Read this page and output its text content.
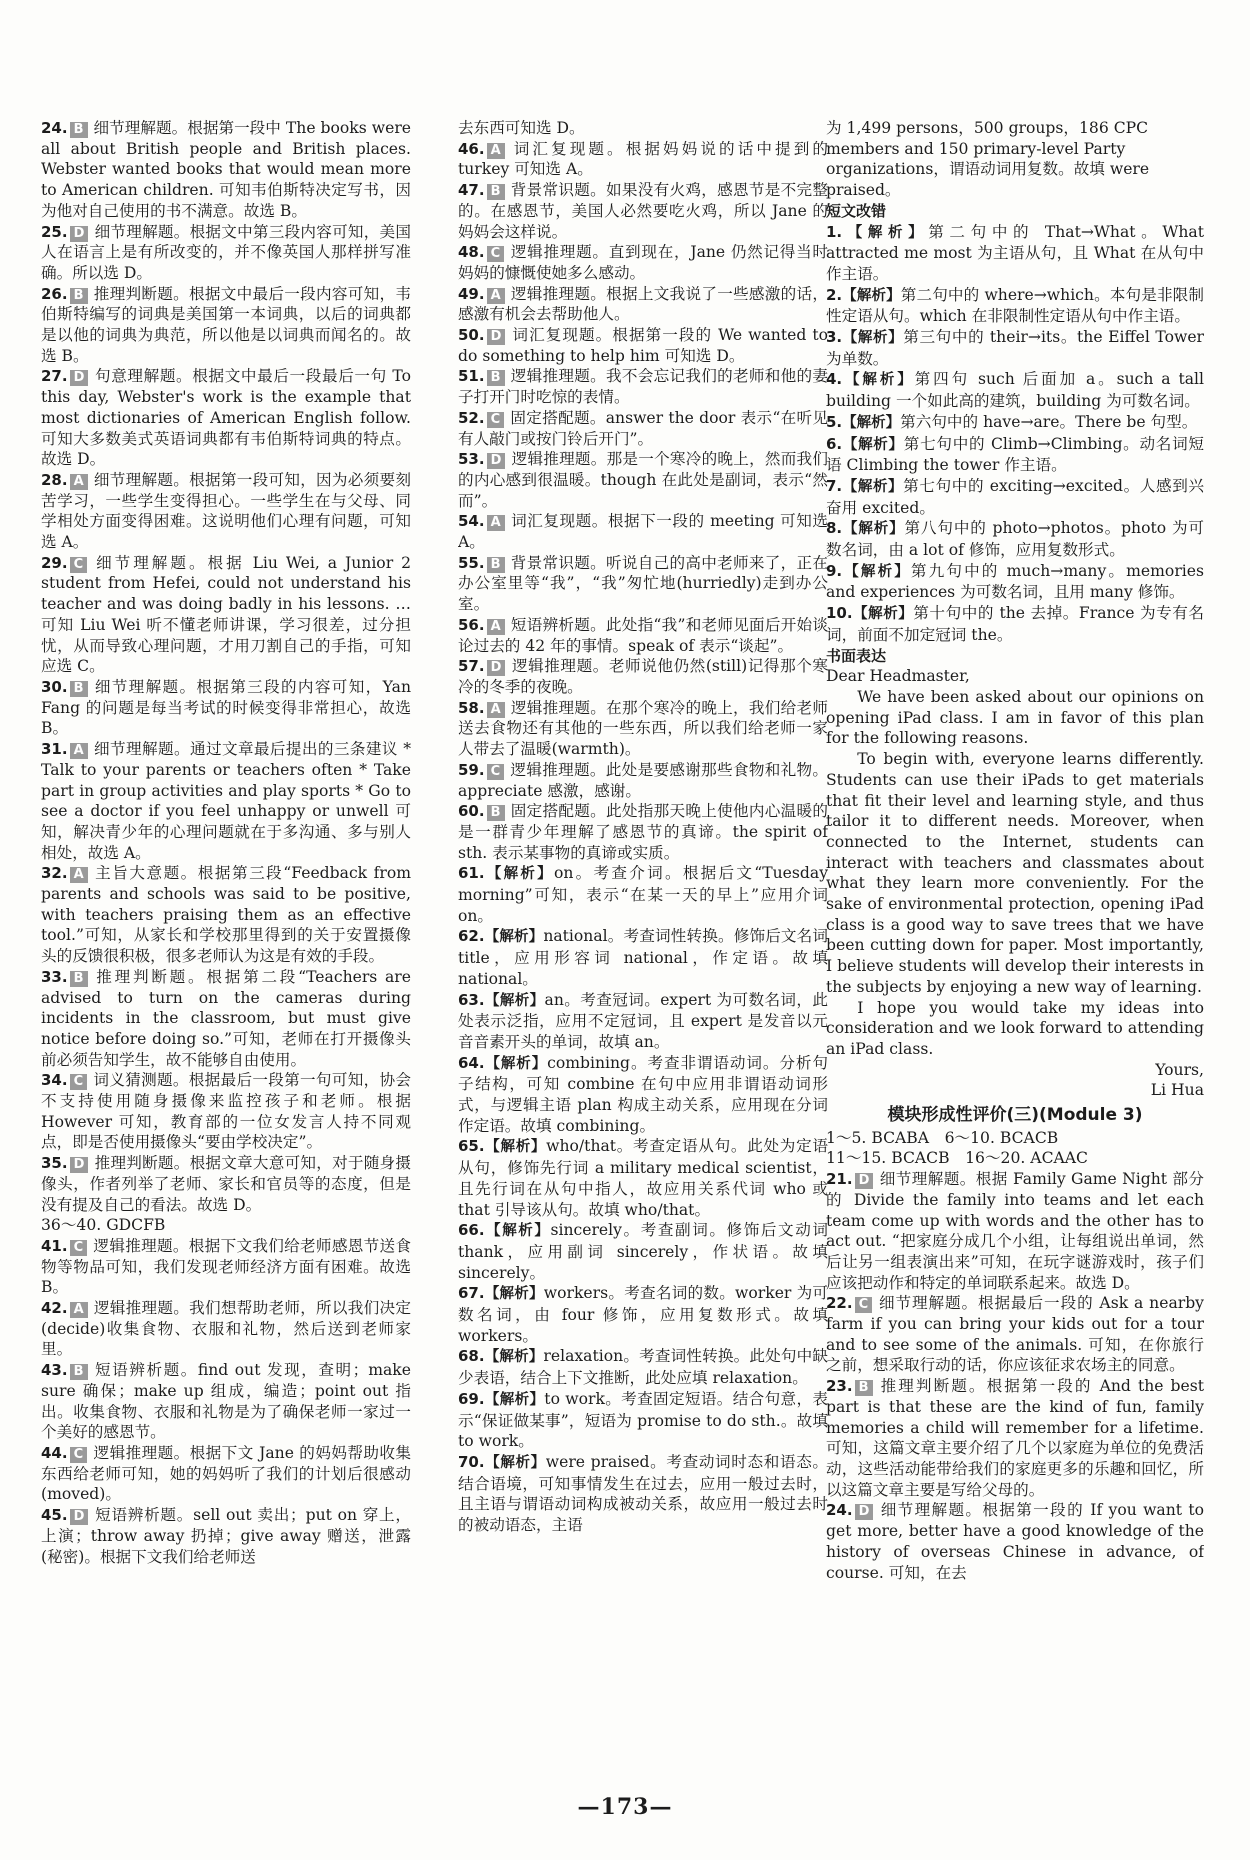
24. B 细节理解题。根据第一段中 The books were all about British people and British places. Webster wanted books that would mean more to American children. 可知韦伯斯特决定写书，因为他对自己使用的书不满意。故选 B。

25. D 细节理解题。根据文中第三段内容可知，美国人在语言上是有所改变的，并不像英国人那样拼写准确。所以选 D。

26. B 推理判断题。根据文中最后一段内容可知，韦伯斯特编写的词典是美国第一本词典，以后的词典都是以他的词典为典范，所以他是以词典而闻名的。故选 B。

27. D 句意理解题。根据文中最后一段最后一句 To this day, Webster's work is the example that most dictionaries of American English follow. 可知大多数美式英语词典都有韦伯斯特词典的特点。故选 D。

28. A 细节理解题。根据第一段可知，因为必须要刻苦学习，一些学生变得担心。一些学生在与父母、同学相处方面变得困难。这说明他们心理有问题，可知选 A。

29. C 细节理解题。根据 Liu Wei, a Junior 2 student from Hefei, could not understand his teacher and was doing badly in his lessons. …可知 Liu Wei 听不懂老师讲课，学习很差，过分担忧，从而导致心理问题，才用刀割自己的手指，可知应选 C。

30. B 细节理解题。根据第三段的内容可知，Yan Fang 的问题是每当考试的时候变得非常担心，故选 B。

31. A 细节理解题。通过文章最后提出的三条建议 * Talk to your parents or teachers often * Take part in group activities and play sports * Go to see a doctor if you feel unhappy or unwell 可知，解决青少年的心理问题就在于多沟通、多与别人相处，故选 A。

32. A 主旨大意题。根据第三段“Feedback from parents and schools was said to be positive, with teachers praising them as an effective tool.”可知，从家长和学校那里得到的关于安置摄像头的反馈很积极，很多老师认为这是有效的手段。

33. B 推理判断题。根据第二段“Teachers are advised to turn on the cameras during incidents in the classroom, but must give notice before doing so.”可知，老师在打开摄像头前必须告知学生，故不能够自由使用。

34. C 词义猜测题。根据最后一段第一句可知，协会不支持使用随身摄像来监控孩子和老师。根据 However 可知，教育部的一位女发言人持不同观点，即是否使用摄像头“要由学校决定”。

35. D 推理判断题。根据文章大意可知，对于随身摄像头，作者列举了老师、家长和官员等的态度，但是没有提及自己的看法。故选 D。

36～40. GDCFB

41. C 逻辑推理题。根据下文我们给老师感恩节送食物等物品可知，我们发现老师经济方面有困难。故选 B。

42. A 逻辑推理题。我们想帮助老师，所以我们决定(decide)收集食物、衣服和礼物，然后送到老师家里。

43. B 短语辨析题。find out 发现，查明；make sure 确保；make up 组成，编造；point out 指出。收集食物、衣服和礼物是为了确保老师一家过一个美好的感恩节。

44. C 逻辑推理题。根据下文 Jane 的妈妈帮助收集东西给老师可知，她的妈妈听了我们的计划后很感动(moved)。

45. D 短语辨析题。sell out 卖出；put on 穿上，上演；throw away 扔掉；give away 赠送，泄露(秘密)。根据下文我们给老师送

去东西可知选 D。

46. A 词汇复现题。根据妈妈说的话中提到的 turkey 可知选 A。

47. B 背景常识题。如果没有火鸡，感恩节是不完整的。在感恩节，美国人必然要吃火鸡，所以 Jane 的妈妈会这样说。

48. C 逻辑推理题。直到现在，Jane 仍然记得当时妈妈的慷慨使她多么感动。

49. A 逻辑推理题。根据上文我说了一些感激的话，感激有机会去帮助他人。

50. D 词汇复现题。根据第一段的 We wanted to do something to help him 可知选 D。

51. B 逻辑推理题。我不会忘记我们的老师和他的妻子打开门时吃惊的表情。

52. C 固定搭配题。answer the door 表示“在听见有人敲门或按门铃后开门”。

53. D 逻辑推理题。那是一个寒冷的晚上，然而我们的内心感到很温暖。though 在此处是副词，表示“然而”。

54. A 词汇复现题。根据下一段的 meeting 可知选 A。

55. B 背景常识题。听说自己的高中老师来了，正在办公室里等“我”，“我”匆忙地(hurriedly)走到办公室。

56. A 短语辨析题。此处指“我”和老师见面后开始谈论过去的 42 年的事情。speak of 表示“谈起”。

57. D 逻辑推理题。老师说他仍然(still)记得那个寒冷的冬季的夜晚。

58. A 逻辑推理题。在那个寒冷的晚上，我们给老师送去食物还有其他的一些东西，所以我们给老师一家人带去了温暖(warmth)。

59. C 逻辑推理题。此处是要感谢那些食物和礼物。appreciate 感激，感谢。

60. B 固定搭配题。此处指那天晚上使他内心温暖的是一群青少年理解了感恩节的真谛。the spirit of sth. 表示某事物的真谛或实质。

61.【解析】on。考查介词。根据后文“Tuesday morning”可知，表示“在某一天的早上”应用介词 on。

62.【解析】national。考查词性转换。修饰后文名词 title，应用形容词 national，作定语。故填 national。

63.【解析】an。考查冠词。expert 为可数名词，此处表示泛指，应用不定冠词，且 expert 是发音以元音音素开头的单词，故填 an。

64.【解析】combining。考查非谓语动词。分析句子结构，可知 combine 在句中应用非谓语动词形式，与逻辑主语 plan 构成主动关系，应用现在分词作定语。故填 combining。

65.【解析】who/that。考查定语从句。此处为定语从句，修饰先行词 a military medical scientist，且先行词在从句中指人，故应用关系代词 who 或 that 引导该从句。故填 who/that。

66.【解析】sincerely。考查副词。修饰后文动词 thank，应用副词 sincerely，作状语。故填 sincerely。

67.【解析】workers。考查名词的数。worker 为可数名词，由 four 修饰，应用复数形式。故填 workers。

68.【解析】relaxation。考查词性转换。此处句中缺少表语，结合上下文推断，此处应填 relaxation。

69.【解析】to work。考查固定短语。结合句意，表示“保证做某事”，短语为 promise to do sth.。故填 to work。

70.【解析】were praised。考查动词时态和语态。结合语境，可知事情发生在过去，应用一般过去时，且主语与谓语动词构成被动关系，故应用一般过去时的被动语态，主语

为 1,499 persons，500 groups，186 CPC members and 150 primary-level Party organizations，谓语动词用复数。故填 were praised。

短文改错

1.【解析】第二句中的 That→What。What attracted me most 为主语从句，且 What 在从句中作主语。

2.【解析】第二句中的 where→which。本句是非限制性定语从句。which 在非限制性定语从句中作主语。

3.【解析】第三句中的 their→its。the Eiffel Tower 为单数。

4.【解析】第四句 such 后面加 a。such a tall building 一个如此高的建筑，building 为可数名词。

5.【解析】第六句中的 have→are。There be 句型。

6.【解析】第七句中的 Climb→Climbing。动名词短语 Climbing the tower 作主语。

7.【解析】第七句中的 exciting→excited。人感到兴奋用 excited。

8.【解析】第八句中的 photo→photos。photo 为可数名词，由 a lot of 修饰，应用复数形式。

9.【解析】第九句中的 much→many。memories and experiences 为可数名词，且用 many 修饰。

10.【解析】第十句中的 the 去掉。France 为专有名词，前面不加定冠词 the。

书面表达

Dear Headmaster,

We have been asked about our opinions on opening iPad class. I am in favor of this plan for the following reasons.

To begin with, everyone learns differently. Students can use their iPads to get materials that fit their level and learning style, and thus tailor it to different needs. Moreover, when connected to the Internet, students can interact with teachers and classmates about what they learn more conveniently. For the sake of environmental protection, opening iPad class is a good way to save trees that we have been cutting down for paper. Most importantly, I believe students will develop their interests in the subjects by enjoying a new way of learning.

I hope you would take my ideas into consideration and we look forward to attending an iPad class.

Yours,

Li Hua

模块形成性评价(三)(Module 3)

1～5. BCABA　6～10. BCACB

11～15. BCACB　16～20. ACAAC

21. D 细节理解题。根据 Family Game Night 部分的 Divide the family into teams and let each team come up with words and the other has to act out. “把家庭分成几个小组，让每组说出单词，然后让另一组表演出来”可知，在玩字谜游戏时，孩子们应该把动作和特定的单词联系起来。故选 D。

22. C 细节理解题。根据最后一段的 Ask a nearby farm if you can bring your kids out for a tour and to see some of the animals. 可知，在你旅行之前，想采取行动的话，你应该征求农场主的同意。

23. B 推理判断题。根据第一段的 And the best part is that these are the kind of fun, family memories a child will remember for a lifetime. 可知，这篇文章主要介绍了几个以家庭为单位的免费活动，这些活动能带给我们的家庭更多的乐趣和回忆，所以这篇文章主要是写给父母的。

24. D 细节理解题。根据第一段的 If you want to get more, better have a good knowledge of the history of overseas Chinese in advance, of course. 可知，在去

—173—
